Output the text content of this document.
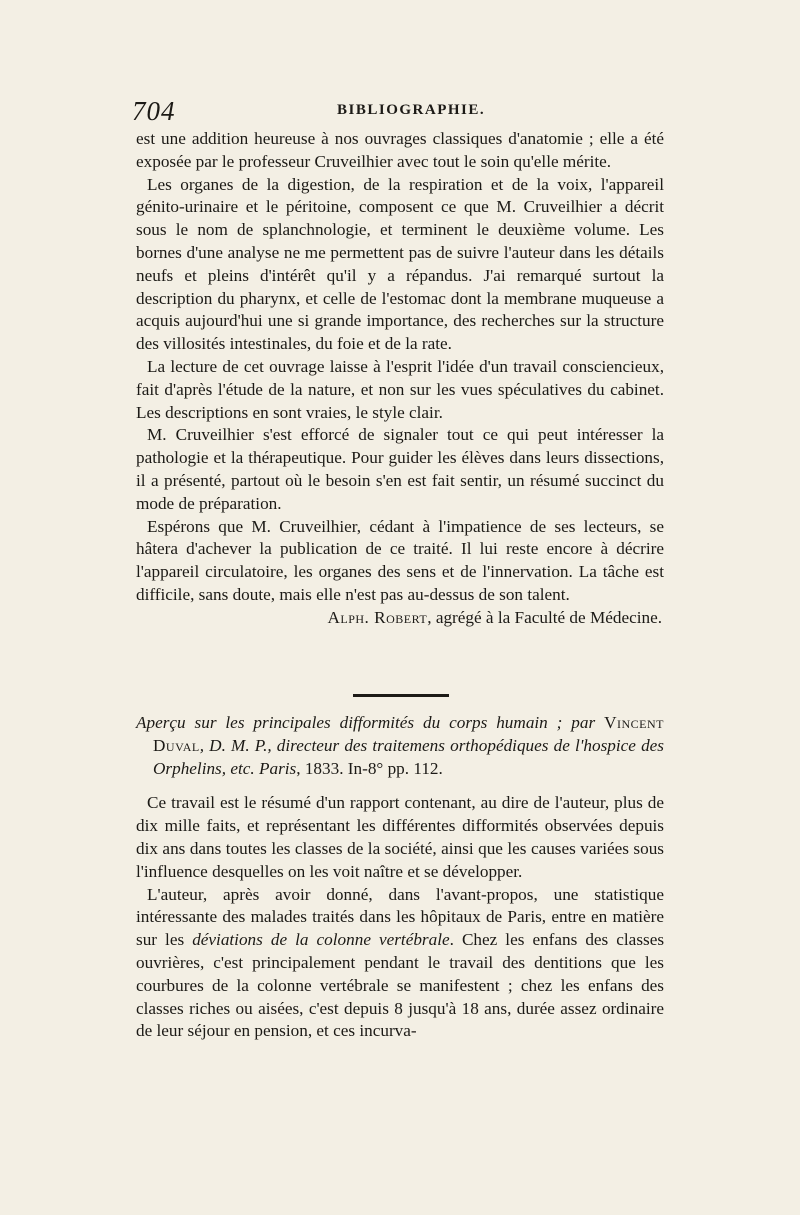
704	BIBLIOGRAPHIE.

est une addition heureuse à nos ouvrages classiques d'anatomie ; elle a été exposée par le professeur Cruveilhier avec tout le soin qu'elle mérite.

Les organes de la digestion, de la respiration et de la voix, l'appareil génito-urinaire et le péritoine, composent ce que M. Cruveilhier a décrit sous le nom de splanchnologie, et terminent le deuxième volume. Les bornes d'une analyse ne me permettent pas de suivre l'auteur dans les détails neufs et pleins d'intérêt qu'il y a répandus. J'ai remarqué surtout la description du pharynx, et celle de l'estomac dont la membrane muqueuse a acquis aujourd'hui une si grande importance, des recherches sur la structure des villosités intestinales, du foie et de la rate.

La lecture de cet ouvrage laisse à l'esprit l'idée d'un travail consciencieux, fait d'après l'étude de la nature, et non sur les vues spéculatives du cabinet. Les descriptions en sont vraies, le style clair.

M. Cruveilhier s'est efforcé de signaler tout ce qui peut intéresser la pathologie et la thérapeutique. Pour guider les élèves dans leurs dissections, il a présenté, partout où le besoin s'en est fait sentir, un résumé succinct du mode de préparation.

Espérons que M. Cruveilhier, cédant à l'impatience de ses lecteurs, se hâtera d'achever la publication de ce traité. Il lui reste encore à décrire l'appareil circulatoire, les organes des sens et de l'innervation. La tâche est difficile, sans doute, mais elle n'est pas au-dessus de son talent.

Alph. Robert, agrégé à la Faculté de Médecine.

Aperçu sur les principales difformités du corps humain ; par Vincent Duval, D. M. P., directeur des traitemens orthopédiques de l'hospice des Orphelins, etc. Paris, 1833. In-8° pp. 112.

Ce travail est le résumé d'un rapport contenant, au dire de l'auteur, plus de dix mille faits, et représentant les différentes difformités observées depuis dix ans dans toutes les classes de la société, ainsi que les causes variées sous l'influence desquelles on les voit naître et se développer.

L'auteur, après avoir donné, dans l'avant-propos, une statistique intéressante des malades traités dans les hôpitaux de Paris, entre en matière sur les déviations de la colonne vertébrale. Chez les enfans des classes ouvrières, c'est principalement pendant le travail des dentitions que les courbures de la colonne vertébrale se manifestent ; chez les enfans des classes riches ou aisées, c'est depuis 8 jusqu'à 18 ans, durée assez ordinaire de leur séjour en pension, et ces incurva-
